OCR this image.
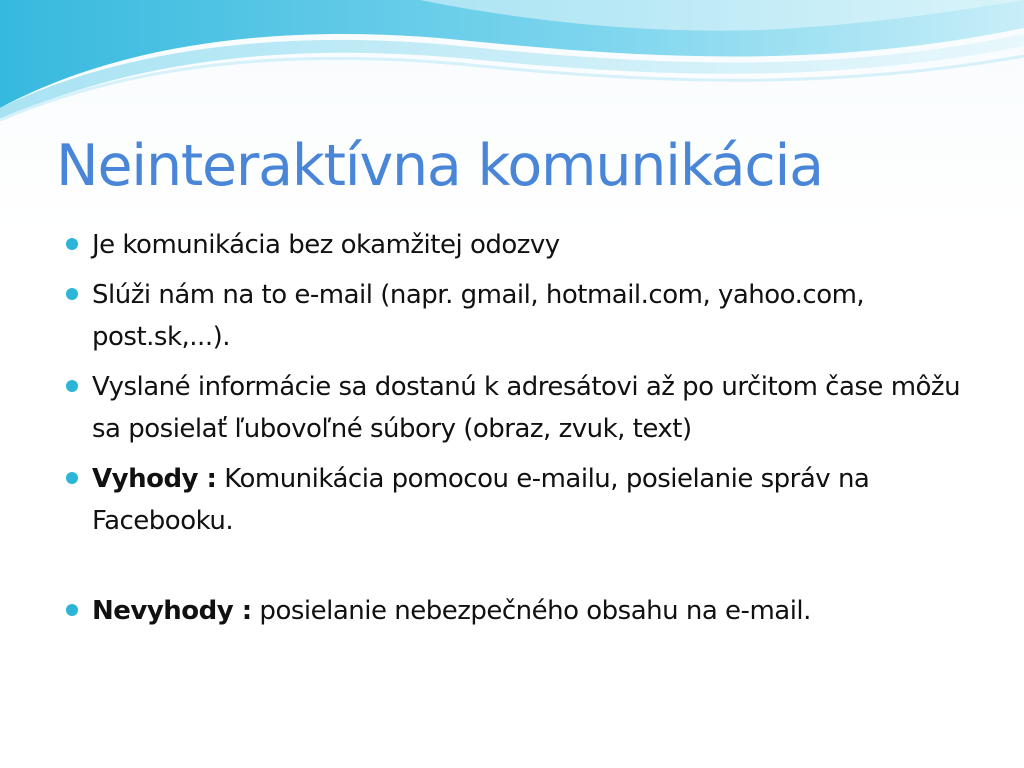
Neinteraktívna komunikácia
Je komunikácia bez okamžitej odozvy
Slúži nám na to e-mail (napr. gmail, hotmail.com, yahoo.com, post.sk,...).
Vyslané informácie sa dostanú k adresátovi až po určitom čase môžu sa posielať ľubovoľné súbory (obraz, zvuk, text)
Vyhody : Komunikácia pomocou e-mailu, posielanie správ na Facebooku.
Nevyhody : posielanie nebezpečného obsahu na e-mail.
